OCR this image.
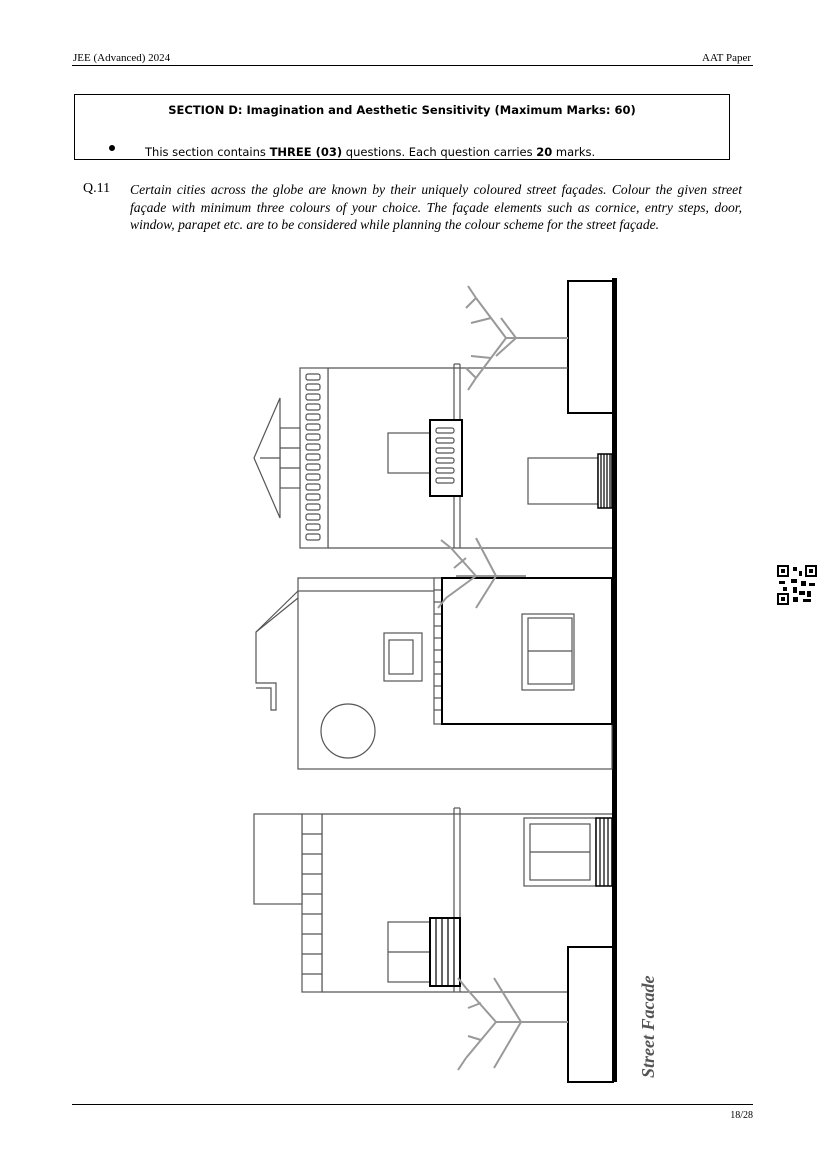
JEE (Advanced) 2024	AAT Paper
SECTION D: Imagination and Aesthetic Sensitivity (Maximum Marks: 60)
This section contains THREE (03) questions. Each question carries 20 marks.
Q.11 Certain cities across the globe are known by their uniquely coloured street façades. Colour the given street façade with minimum three colours of your choice. The façade elements such as cornice, entry steps, door, window, parapet etc. are to be considered while planning the colour scheme for the street façade.

Street Facade
18/28
